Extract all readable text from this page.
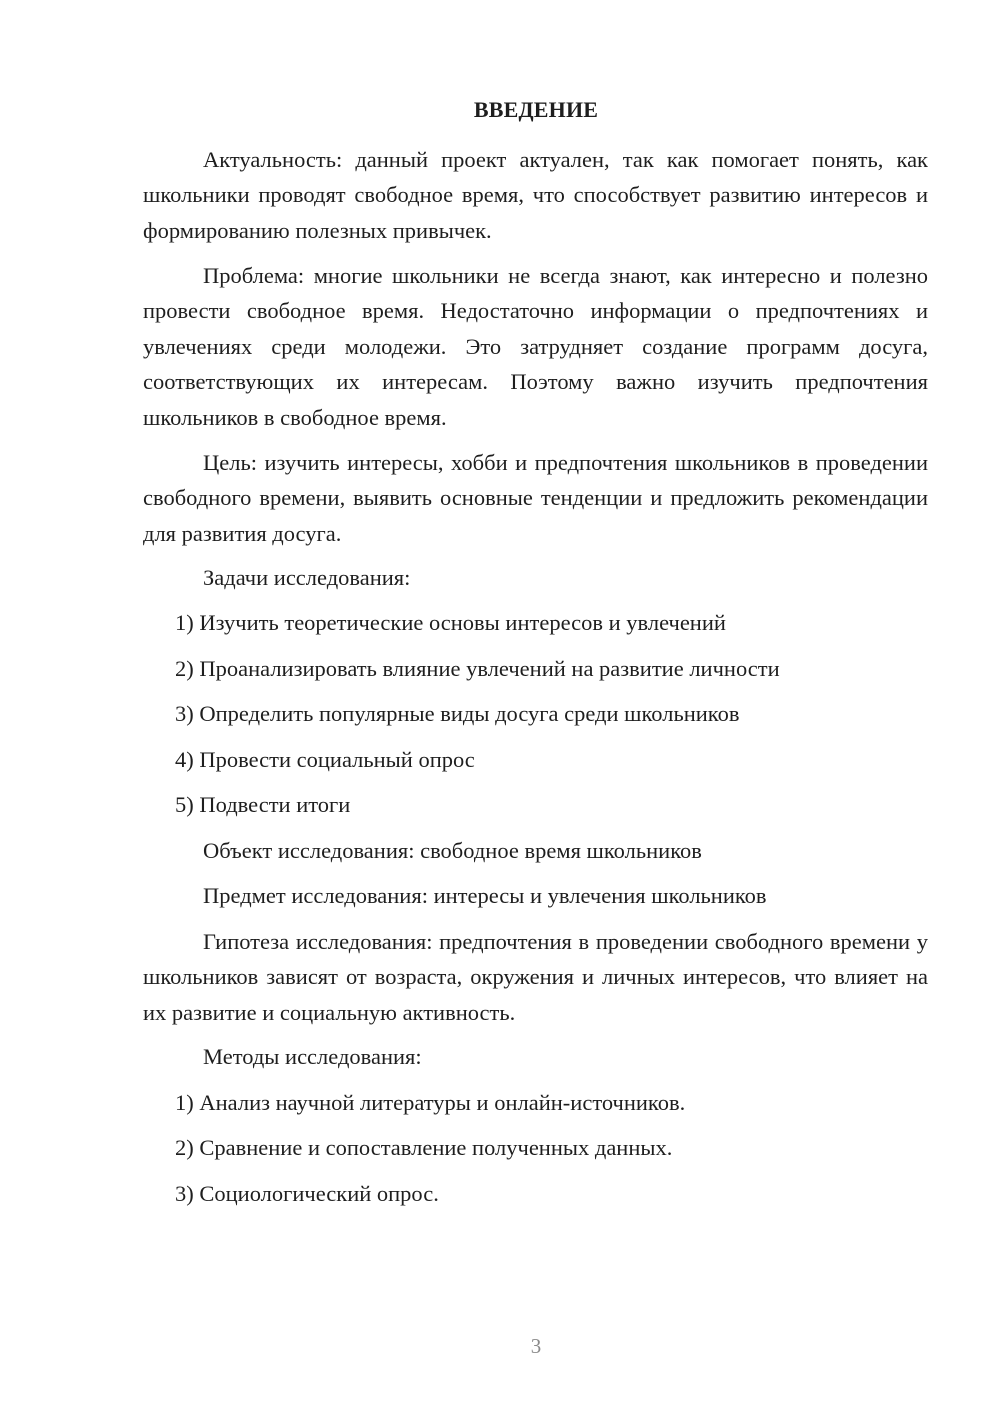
ВВЕДЕНИЕ

Актуальность: данный проект актуален, так как помогает понять, как школьники проводят свободное время, что способствует развитию интересов и формированию полезных привычек.

Проблема: многие школьники не всегда знают, как интересно и полезно провести свободное время. Недостаточно информации о предпочтениях и увлечениях среди молодежи. Это затрудняет создание программ досуга, соответствующих их интересам. Поэтому важно изучить предпочтения школьников в свободное время.

Цель: изучить интересы, хобби и предпочтения школьников в проведении свободного времени, выявить основные тенденции и предложить рекомендации для развития досуга.

Задачи исследования:

1) Изучить теоретические основы интересов и увлечений

2) Проанализировать влияние увлечений на развитие личности

3) Определить популярные виды досуга среди школьников

4) Провести социальный опрос

5) Подвести итоги

Объект исследования: свободное время школьников

Предмет исследования: интересы и увлечения школьников

Гипотеза исследования: предпочтения в проведении свободного времени у школьников зависят от возраста, окружения и личных интересов, что влияет на их развитие и социальную активность.

Методы исследования:

1) Анализ научной литературы и онлайн-источников.

2) Сравнение и сопоставление полученных данных.

3) Социологический опрос.

3
